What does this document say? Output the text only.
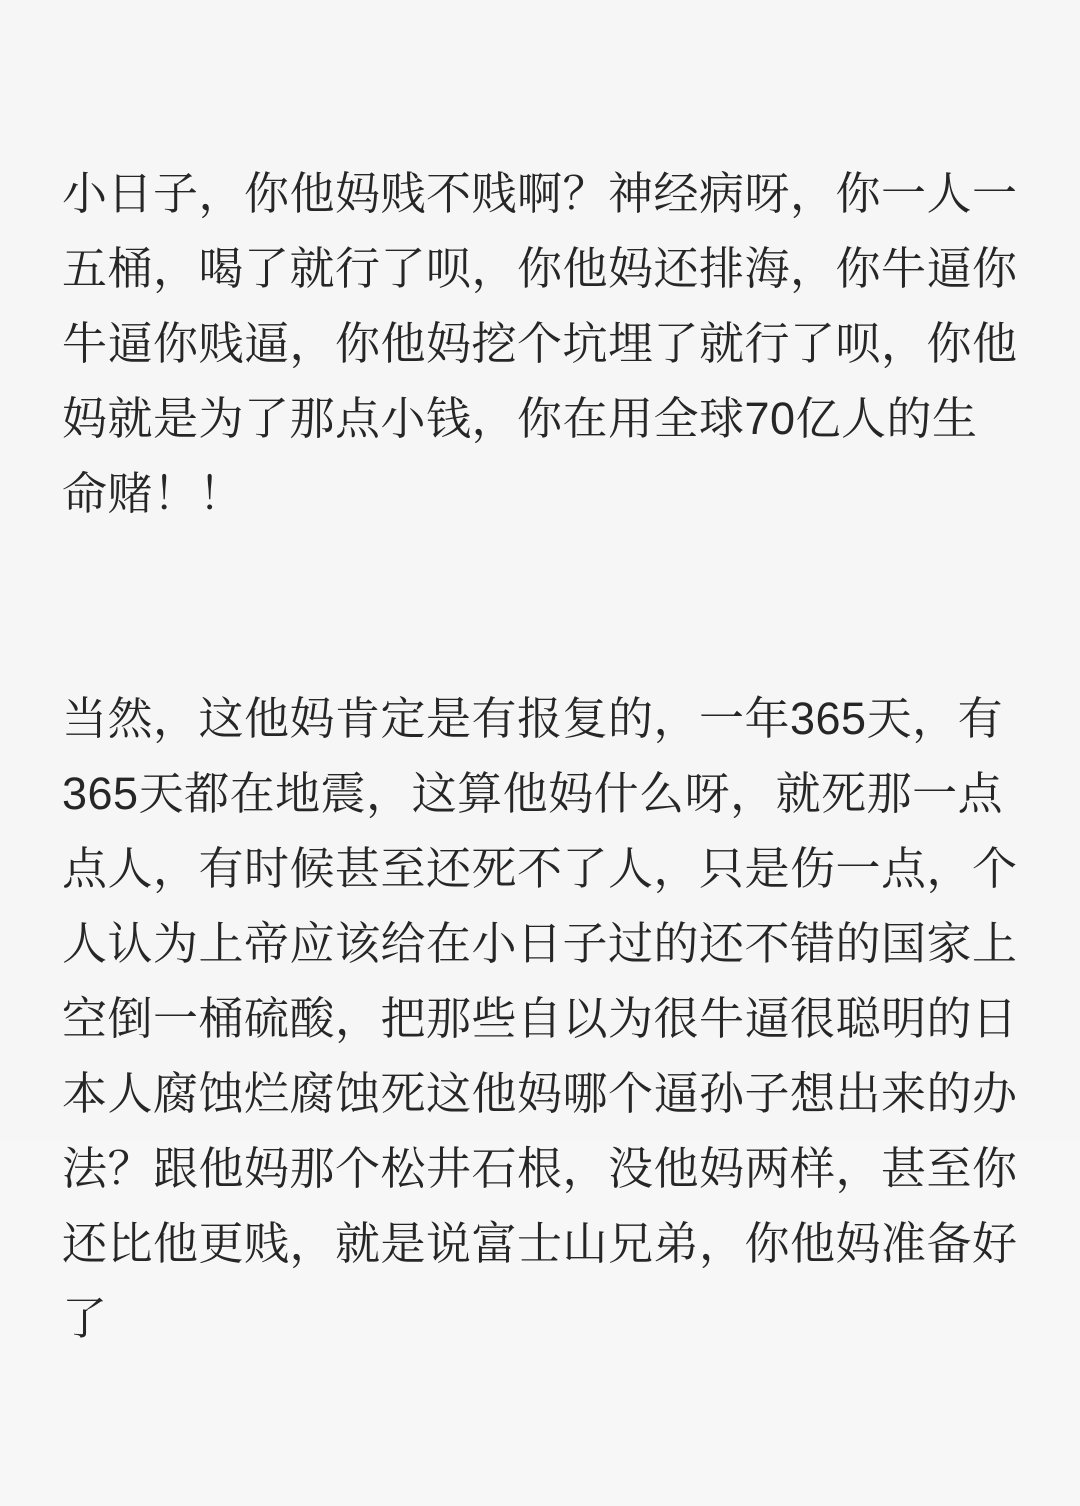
小日子，你他妈贱不贱啊？神经病呀，你一人一五桶，喝了就行了呗，你他妈还排海，你牛逼你牛逼你贱逼，你他妈挖个坑埋了就行了呗，你他妈就是为了那点小钱，你在用全球70亿人的生命赌！！

当然，这他妈肯定是有报复的，一年365天，有365天都在地震，这算他妈什么呀，就死那一点点人，有时候甚至还死不了人，只是伤一点，个人认为上帝应该给在小日子过的还不错的国家上空倒一桶硫酸，把那些自以为很牛逼很聪明的日本人腐蚀烂腐蚀死这他妈哪个逼孙子想出来的办法？跟他妈那个松井石根，没他妈两样，甚至你还比他更贱，就是说富士山兄弟，你他妈准备好了
